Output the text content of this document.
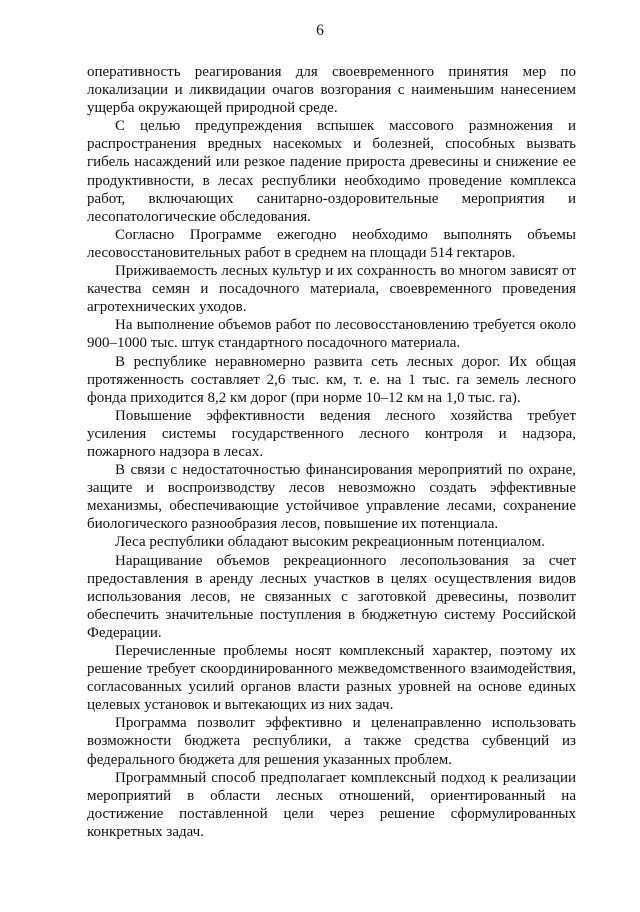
6

оперативность реагирования для своевременного принятия мер по локализации и ликвидации очагов возгорания с наименьшим нанесением ущерба окружающей природной среде.

С целью предупреждения вспышек массового размножения и распространения вредных насекомых и болезней, способных вызвать гибель насаждений или резкое падение прироста древесины и снижение ее продуктивности, в лесах республики необходимо проведение комплекса работ, включающих санитарно-оздоровительные мероприятия и лесопатологические обследования.

Согласно Программе ежегодно необходимо выполнять объемы лесовосстановительных работ в среднем на площади 514 гектаров.

Приживаемость лесных культур и их сохранность во многом зависят от качества семян и посадочного материала, своевременного проведения агротехнических уходов.

На выполнение объемов работ по лесовосстановлению требуется около 900–1000 тыс. штук стандартного посадочного материала.

В республике неравномерно развита сеть лесных дорог. Их общая протяженность составляет 2,6 тыс. км, т. е. на 1 тыс. га земель лесного фонда приходится 8,2 км дорог (при норме 10–12 км на 1,0 тыс. га).

Повышение эффективности ведения лесного хозяйства требует усиления системы государственного лесного контроля и надзора, пожарного надзора в лесах.

В связи с недостаточностью финансирования мероприятий по охране, защите и воспроизводству лесов невозможно создать эффективные механизмы, обеспечивающие устойчивое управление лесами, сохранение биологического разнообразия лесов, повышение их потенциала.

Леса республики обладают высоким рекреационным потенциалом.

Наращивание объемов рекреационного лесопользования за счет предоставления в аренду лесных участков в целях осуществления видов использования лесов, не связанных с заготовкой древесины, позволит обеспечить значительные поступления в бюджетную систему Российской Федерации.

Перечисленные проблемы носят комплексный характер, поэтому их решение требует скоординированного межведомственного взаимодействия, согласованных усилий органов власти разных уровней на основе единых целевых установок и вытекающих из них задач.

Программа позволит эффективно и целенаправленно использовать возможности бюджета республики, а также средства субвенций из федерального бюджета для решения указанных проблем.

Программный способ предполагает комплексный подход к реализации мероприятий в области лесных отношений, ориентированный на достижение поставленной цели через решение сформулированных конкретных задач.
